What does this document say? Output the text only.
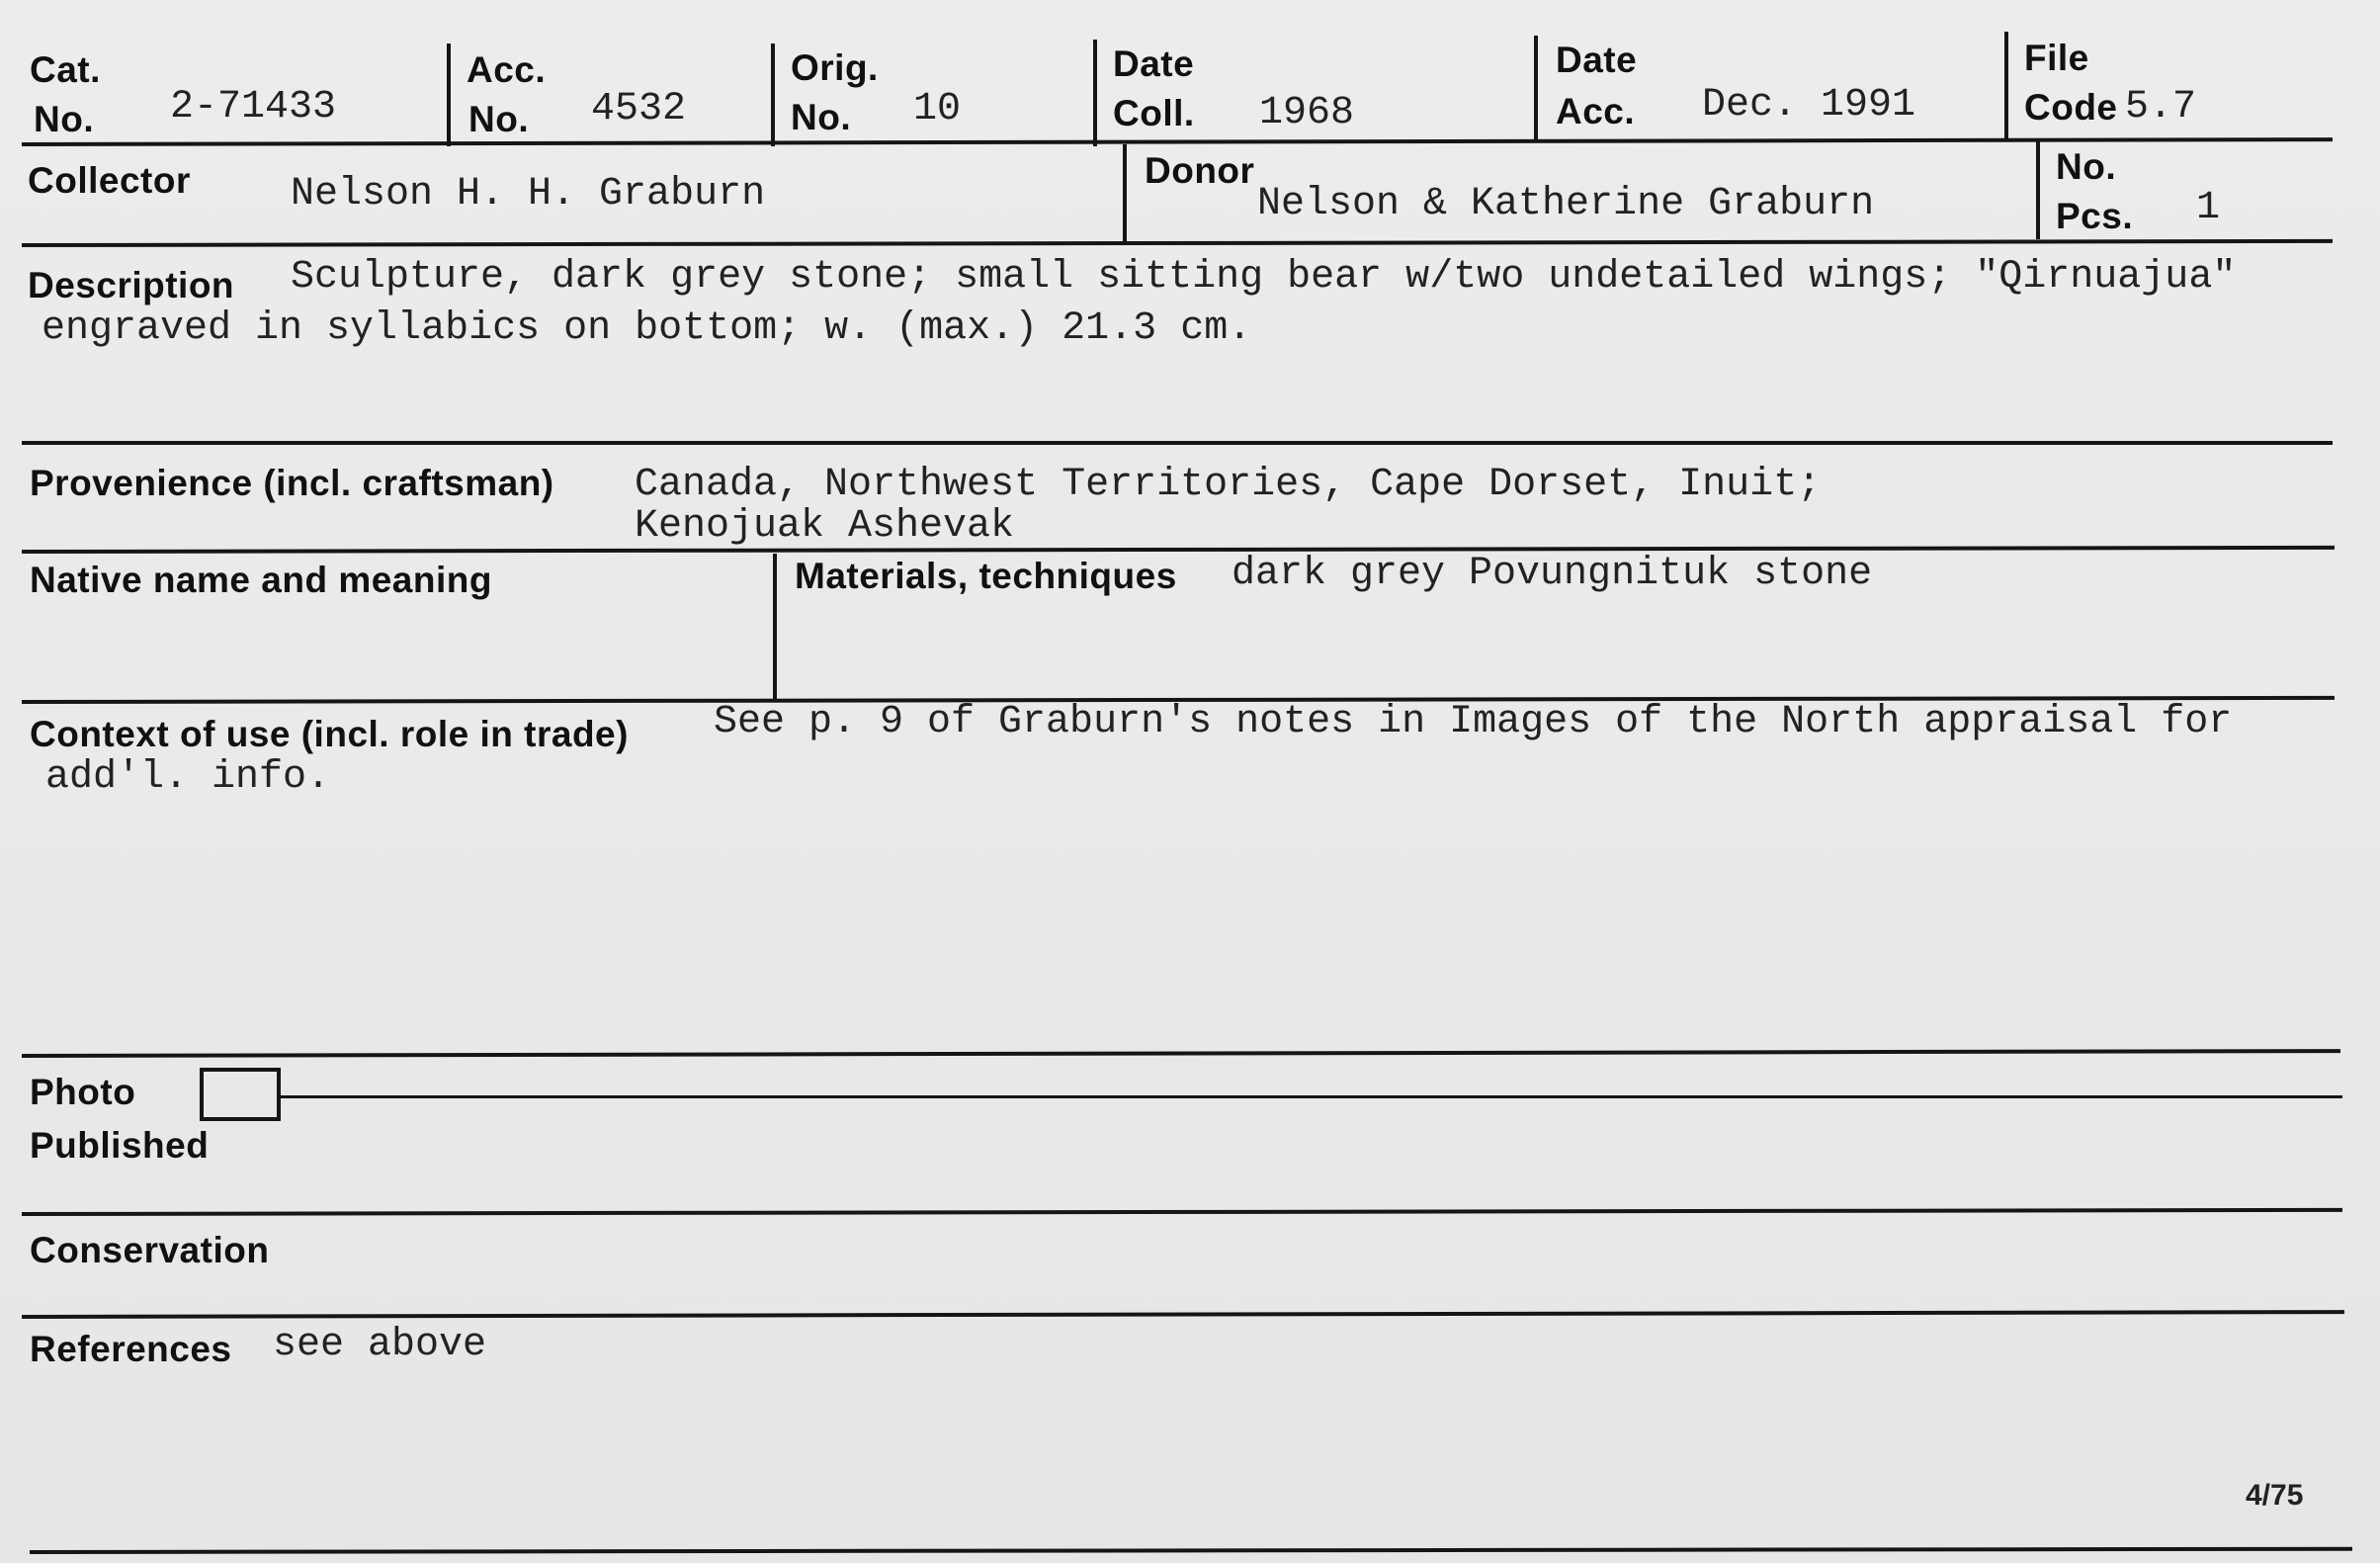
Cat.
No. 2-71433
Acc.
No. 4532
Orig.
No. 10
Date
Coll. 1968
Date
Acc. Dec. 1991
File
Code 5.7
Collector	Nelson H. H. Graburn
Donor
Nelson & Katherine Graburn
No.
Pcs. 1
Description Sculpture, dark grey stone; small sitting bear w/two undetailed wings; "Qirnuajua"
engraved in syllabics on bottom; w. (max.) 21.3 cm.
Provenience (incl. craftsman) Canada, Northwest Territories, Cape Dorset, Inuit;
Kenojuak Ashevak
Native name and meaning	Materials, techniques dark grey Povungnituk stone
Context of use (incl. role in trade) See p. 9 of Graburn's notes in Images of the North appraisal for
add'l. info.
Photo
Published
Conservation
References see above
4/75
